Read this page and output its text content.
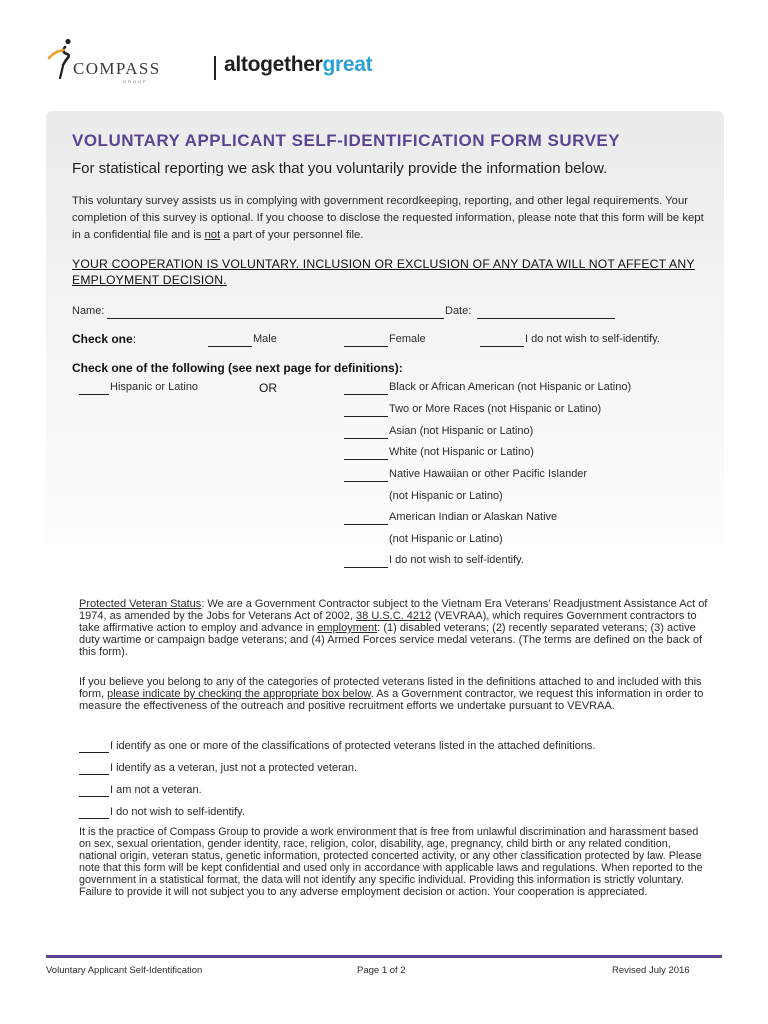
COMPASS
GROUP
altogethergreat
VOLUNTARY APPLICANT SELF-IDENTIFICATION FORM SURVEY
For statistical reporting we ask that you voluntarily provide the information below.
This voluntary survey assists us in complying with government recordkeeping, reporting, and other legal requirements. Your completion of this survey is optional. If you choose to disclose the requested information, please note that this form will be kept in a confidential file and is not a part of your personnel file.
YOUR COOPERATION IS VOLUNTARY. INCLUSION OR EXCLUSION OF ANY DATA WILL NOT AFFECT ANY EMPLOYMENT DECISION.
Name:	Date:
Check one:	Male	Female	I do not wish to self-identify.
Check one of the following (see next page for definitions):
Hispanic or Latino	OR	Black or African American (not Hispanic or Latino)
Two or More Races (not Hispanic or Latino)
Asian (not Hispanic or Latino)
White (not Hispanic or Latino)
Native Hawaiian or other Pacific Islander
(not Hispanic or Latino)
American Indian or Alaskan Native
(not Hispanic or Latino)
I do not wish to self-identify.
Protected Veteran Status: We are a Government Contractor subject to the Vietnam Era Veterans’ Readjustment Assistance Act of 1974, as amended by the Jobs for Veterans Act of 2002, 38 U.S.C. 4212 (VEVRAA), which requires Government contractors to take affirmative action to employ and advance in employment: (1) disabled veterans; (2) recently separated veterans; (3) active duty wartime or campaign badge veterans; and (4) Armed Forces service medal veterans. (The terms are defined on the back of this form).
If you believe you belong to any of the categories of protected veterans listed in the definitions attached to and included with this form, please indicate by checking the appropriate box below. As a Government contractor, we request this information in order to measure the effectiveness of the outreach and positive recruitment efforts we undertake pursuant to VEVRAA.
I identify as one or more of the classifications of protected veterans listed in the attached definitions.
I identify as a veteran, just not a protected veteran.
I am not a veteran.
I do not wish to self-identify.
It is the practice of Compass Group to provide a work environment that is free from unlawful discrimination and harassment based on sex, sexual orientation, gender identity, race, religion, color, disability, age, pregnancy, child birth or any related condition, national origin, veteran status, genetic information, protected concerted activity, or any other classification protected by law. Please note that this form will be kept confidential and used only in accordance with applicable laws and regulations. When reported to the government in a statistical format, the data will not identify any specific individual. Providing this information is strictly voluntary. Failure to provide it will not subject you to any adverse employment decision or action. Your cooperation is appreciated.
Voluntary Applicant Self-Identification	Page 1 of 2	Revised July 2016
